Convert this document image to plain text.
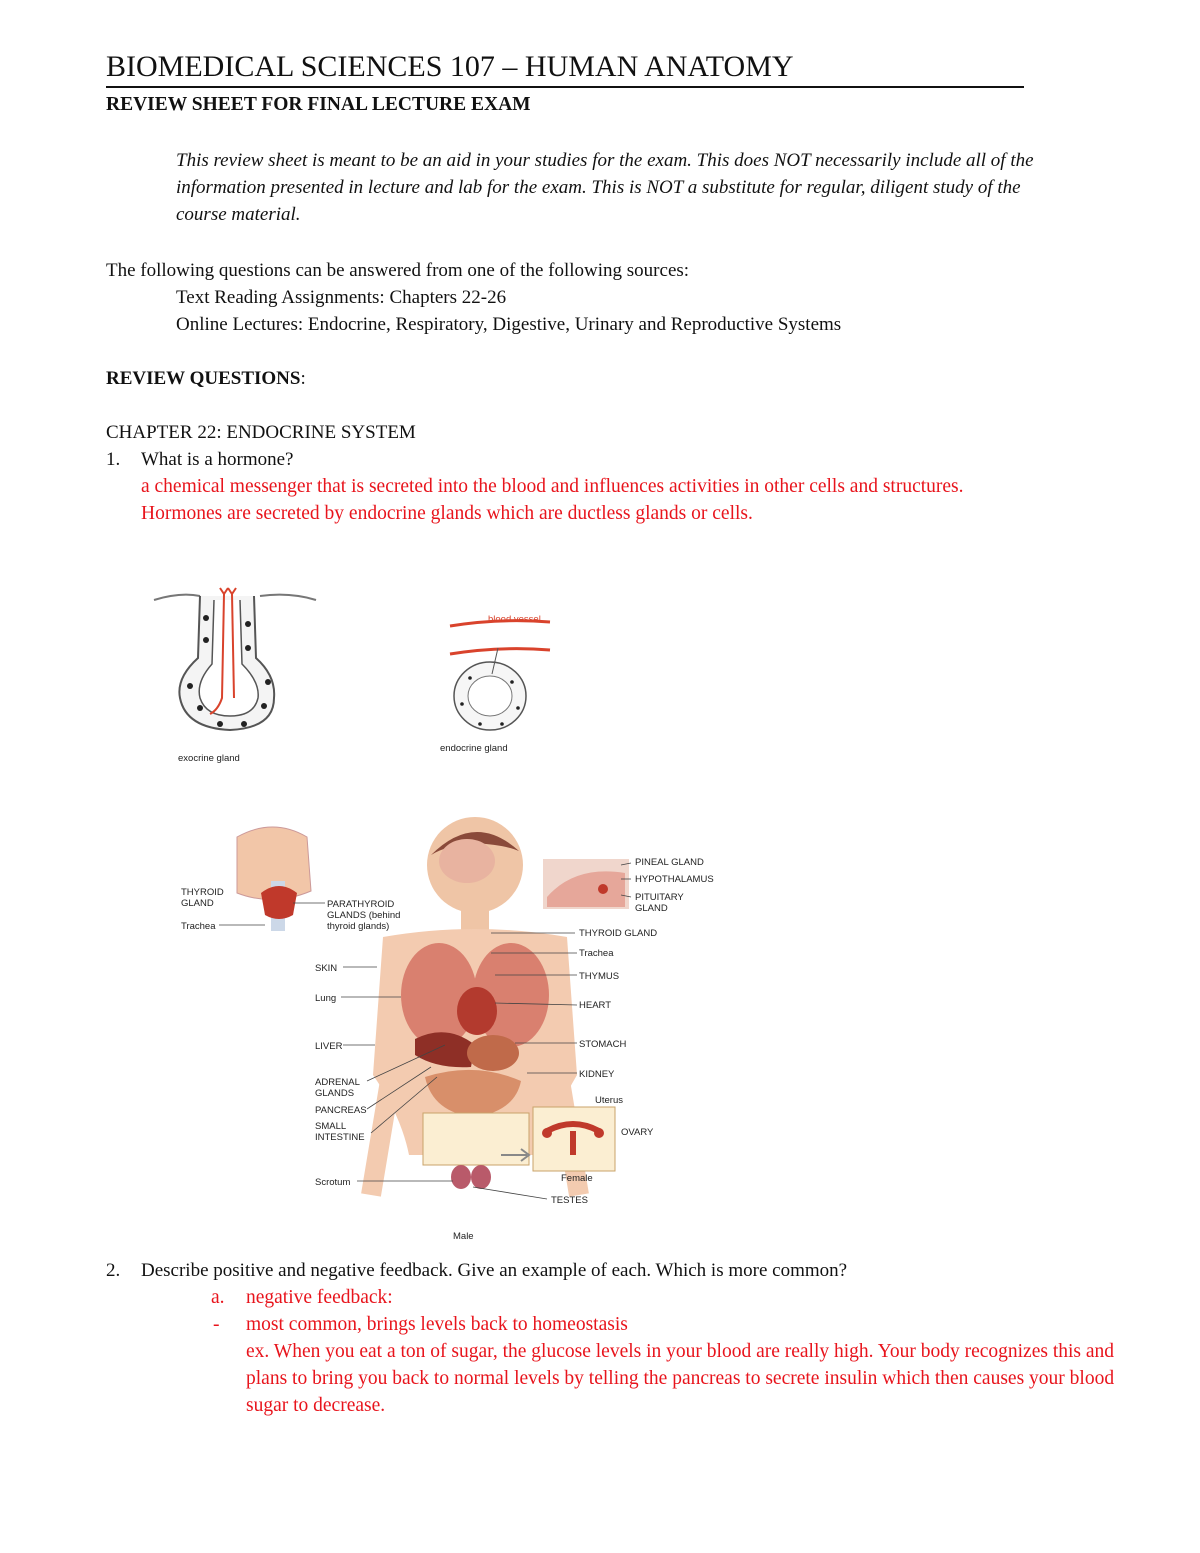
BIOMEDICAL SCIENCES 107 – HUMAN ANATOMY
REVIEW SHEET FOR FINAL LECTURE EXAM
This review sheet is meant to be an aid in your studies for the exam. This does NOT necessarily include all of the information presented in lecture and lab for the exam. This is NOT a substitute for regular, diligent study of the course material.
The following questions can be answered from one of the following sources:
Text Reading Assignments: Chapters 22-26
Online Lectures: Endocrine, Respiratory, Digestive, Urinary and Reproductive Systems
REVIEW QUESTIONS:
CHAPTER 22: ENDOCRINE SYSTEM
1. What is a hormone?
a chemical messenger that is secreted into the blood and influences activities in other cells and structures. Hormones are secreted by endocrine glands which are ductless glands or cells.
exocrine gland
blood vessel
endocrine gland
THYROID
GLAND
Trachea
PARATHYROID
GLANDS (behind
thyroid glands)
SKIN
Lung
LIVER
ADRENAL
GLANDS
PANCREAS
SMALL
INTESTINE
Scrotum
Male
PINEAL GLAND
HYPOTHALAMUS
PITUITARY
GLAND
THYROID GLAND
Trachea
THYMUS
HEART
STOMACH
KIDNEY
Uterus
OVARY
Female
TESTES
2. Describe positive and negative feedback. Give an example of each. Which is more common?
a. negative feedback:
- most common, brings levels back to homeostasis
ex. When you eat a ton of sugar, the glucose levels in your blood are really high. Your body recognizes this and plans to bring you back to normal levels by telling the pancreas to secrete insulin which then causes your blood sugar to decrease.
